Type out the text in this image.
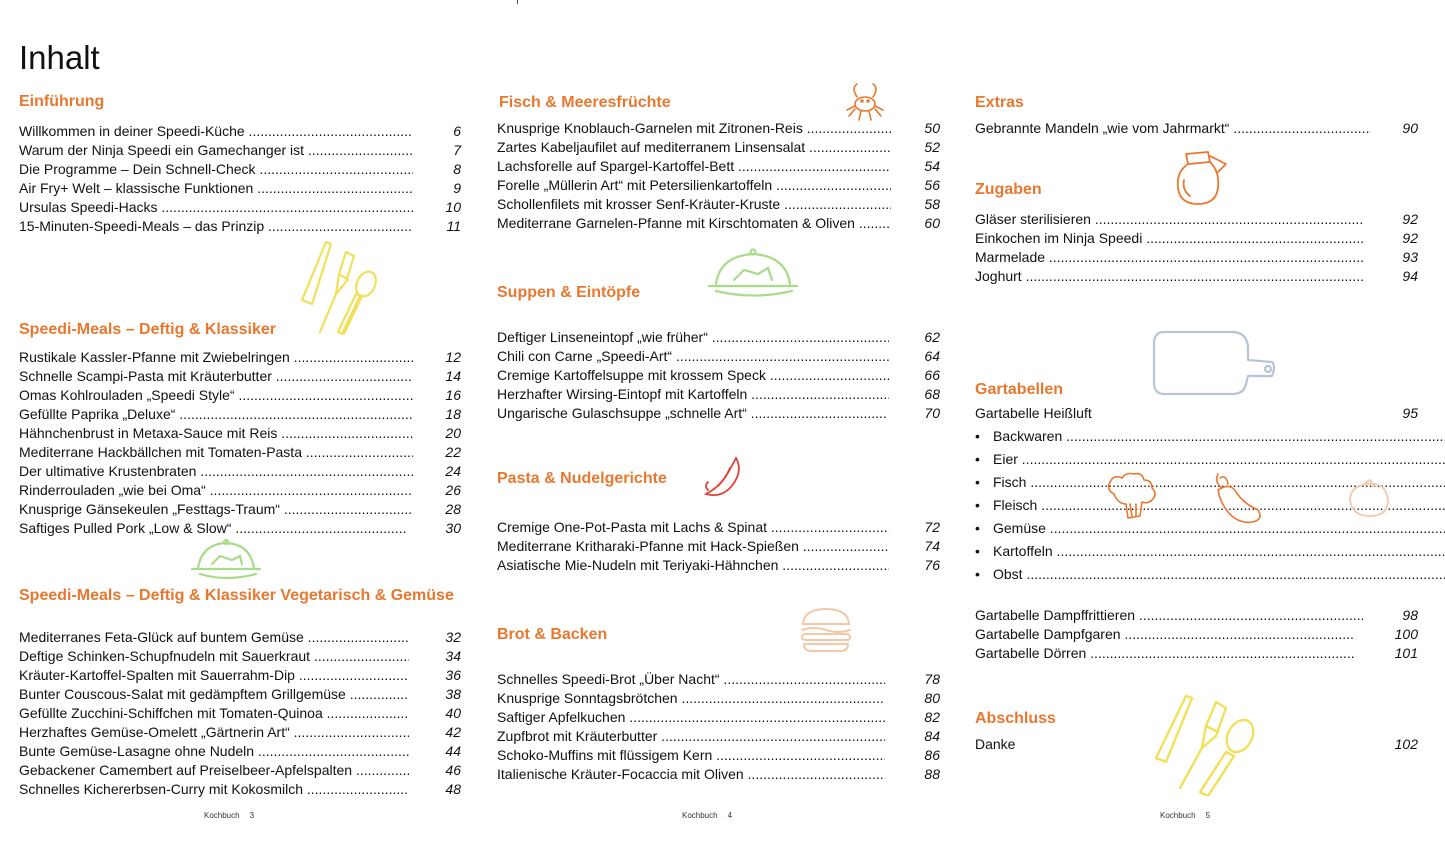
Inhalt
Einführung
Willkommen in deiner Speedi-Küche .....	6
Warum der Ninja Speedi ein Gamechanger ist .....	7
Die Programme – Dein Schnell-Check .....	8
Air Fry+ Welt – klassische Funktionen .....	9
Ursulas Speedi-Hacks .....	10
15-Minuten-Speedi-Meals – das Prinzip .....	11
Speedi-Meals – Deftig & Klassiker
Rustikale Kassler-Pfanne mit Zwiebelringen .....	12
Schnelle Scampi-Pasta mit Kräuterbutter .....	14
Omas Kohlrouladen „Speedi Style“ .....	16
Gefüllte Paprika „Deluxe“ .....	18
Hähnchenbrust in Metaxa-Sauce mit Reis .....	20
Mediterrane Hackbällchen mit Tomaten-Pasta .....	22
Der ultimative Krustenbraten .....	24
Rinderrouladen „wie bei Oma“ .....	26
Knusprige Gänsekeulen „Festtags-Traum“ .....	28
Saftiges Pulled Pork „Low & Slow“ .....	30
Speedi-Meals – Deftig & Klassiker Vegetarisch & Gemüse
Mediterranes Feta-Glück auf buntem Gemüse .....	32
Deftige Schinken-Schupfnudeln mit Sauerkraut .....	34
Kräuter-Kartoffel-Spalten mit Sauerrahm-Dip .....	36
Bunter Couscous-Salat mit gedämpftem Grillgemüse .....	38
Gefüllte Zucchini-Schiffchen mit Tomaten-Quinoa .....	40
Herzhaftes Gemüse-Omelett „Gärtnerin Art“ .....	42
Bunte Gemüse-Lasagne ohne Nudeln .....	44
Gebackener Camembert auf Preiselbeer-Apfelspalten .....	46
Schnelles Kichererbsen-Curry mit Kokosmilch .....	48
Kochbuch 3
Fisch & Meeresfrüchte
Knusprige Knoblauch-Garnelen mit Zitronen-Reis .....	50
Zartes Kabeljaufilet auf mediterranem Linsensalat .....	52
Lachsforelle auf Spargel-Kartoffel-Bett .....	54
Forelle „Müllerin Art“ mit Petersilienkartoffeln .....	56
Schollenfilets mit krosser Senf-Kräuter-Kruste .....	58
Mediterrane Garnelen-Pfanne mit Kirschtomaten & Oliven .....	60
Suppen & Eintöpfe
Deftiger Linseneintopf „wie früher“ .....	62
Chili con Carne „Speedi-Art“ .....	64
Cremige Kartoffelsuppe mit krossem Speck .....	66
Herzhafter Wirsing-Eintopf mit Kartoffeln .....	68
Ungarische Gulaschsuppe „schnelle Art“ .....	70
Pasta & Nudelgerichte
Cremige One-Pot-Pasta mit Lachs & Spinat .....	72
Mediterrane Kritharaki-Pfanne mit Hack-Spießen .....	74
Asiatische Mie-Nudeln mit Teriyaki-Hähnchen .....	76
Brot & Backen
Schnelles Speedi-Brot „Über Nacht“ .....	78
Knusprige Sonntagsbrötchen .....	80
Saftiger Apfelkuchen .....	82
Zupfbrot mit Kräuterbutter .....	84
Schoko-Muffins mit flüssigem Kern .....	86
Italienische Kräuter-Focaccia mit Oliven .....	88
Kochbuch 4
Extras
Gebrannte Mandeln „wie vom Jahrmarkt“ .....	90
Zugaben
Gläser sterilisieren .....	92
Einkochen im Ninja Speedi .....	92
Marmelade .....	93
Joghurt .....	94
Gartabellen
Gartabelle Heißluft	95
• Backwaren .....
• Eier .....
• Fisch .....
• Fleisch .....
• Gemüse .....
• Kartoffeln .....
• Obst .....
Gartabelle Dampffrittieren .....	98
Gartabelle Dampfgaren .....	100
Gartabelle Dörren .....	101
Abschluss
Danke	102
Kochbuch 5
